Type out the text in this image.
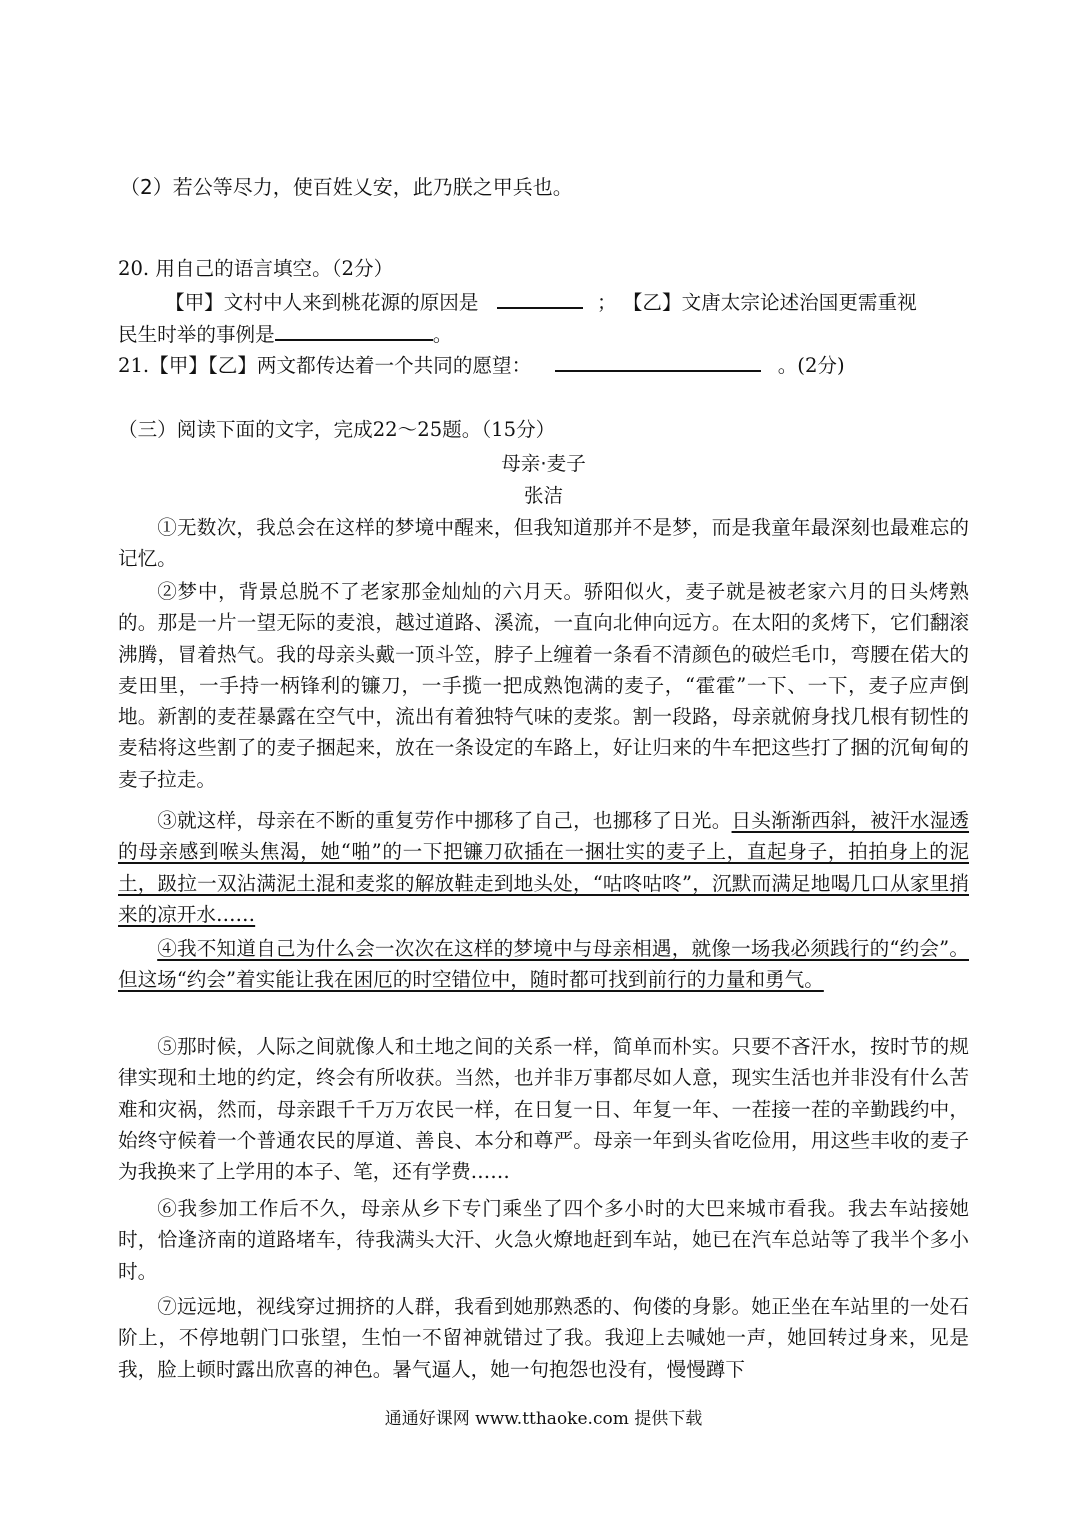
（2）若公等尽力，使百姓乂安，此乃朕之甲兵也。
20. 用自己的语言填空。（2分）
【甲】文村中人来到桃花源的原因是	； 【乙】文唐太宗论述治国更需重视
民生时举的事例是	。
21.【甲】【乙】两文都传达着一个共同的愿望：	。(2分)
（三）阅读下面的文字，完成22～25题。（15分）
母亲·麦子
张洁

①无数次，我总会在这样的梦境中醒来，但我知道那并不是梦，而是我童年最深刻也最难忘的记忆。

②梦中，背景总脱不了老家那金灿灿的六月天。骄阳似火，麦子就是被老家六月的日头烤熟的。那是一片一望无际的麦浪，越过道路、溪流，一直向北伸向远方。在太阳的炙烤下，它们翻滚沸腾，冒着热气。我的母亲头戴一顶斗笠，脖子上缠着一条看不清颜色的破烂毛巾，弯腰在偌大的麦田里，一手持一柄锋利的镰刀，一手揽一把成熟饱满的麦子，“霍霍”一下、一下，麦子应声倒地。新割的麦茬暴露在空气中，流出有着独特气味的麦浆。割一段路，母亲就俯身找几根有韧性的麦秸将这些割了的麦子捆起来，放在一条设定的车路上，好让归来的牛车把这些打了捆的沉甸甸的麦子拉走。

③就这样，母亲在不断的重复劳作中挪移了自己，也挪移了日光。日头渐渐西斜，被汗水湿透的母亲感到喉头焦渴，她“啪”的一下把镰刀砍插在一捆壮实的麦子上，直起身子，拍拍身上的泥土，趿拉一双沾满泥土混和麦浆的解放鞋走到地头处，“咕咚咕咚”，沉默而满足地喝几口从家里捎来的凉开水……

④我不知道自己为什么会一次次在这样的梦境中与母亲相遇，就像一场我必须践行的“约会”。但这场“约会”着实能让我在困厄的时空错位中，随时都可找到前行的力量和勇气。

⑤那时候，人际之间就像人和土地之间的关系一样，简单而朴实。只要不吝汗水，按时节的规律实现和土地的约定，终会有所收获。当然，也并非万事都尽如人意，现实生活也并非没有什么苦难和灾祸，然而，母亲跟千千万万农民一样，在日复一日、年复一年、一茬接一茬的辛勤践约中，始终守候着一个普通农民的厚道、善良、本分和尊严。母亲一年到头省吃俭用，用这些丰收的麦子为我换来了上学用的本子、笔，还有学费……

⑥我参加工作后不久，母亲从乡下专门乘坐了四个多小时的大巴来城市看我。我去车站接她时，恰逢济南的道路堵车，待我满头大汗、火急火燎地赶到车站，她已在汽车总站等了我半个多小时。

⑦远远地，视线穿过拥挤的人群，我看到她那熟悉的、佝偻的身影。她正坐在车站里的一处石阶上，不停地朝门口张望，生怕一不留神就错过了我。我迎上去喊她一声，她回转过身来，见是我，脸上顿时露出欣喜的神色。暑气逼人，她一句抱怨也没有，慢慢蹲下

通通好课网 www.tthaoke.com 提供下载
